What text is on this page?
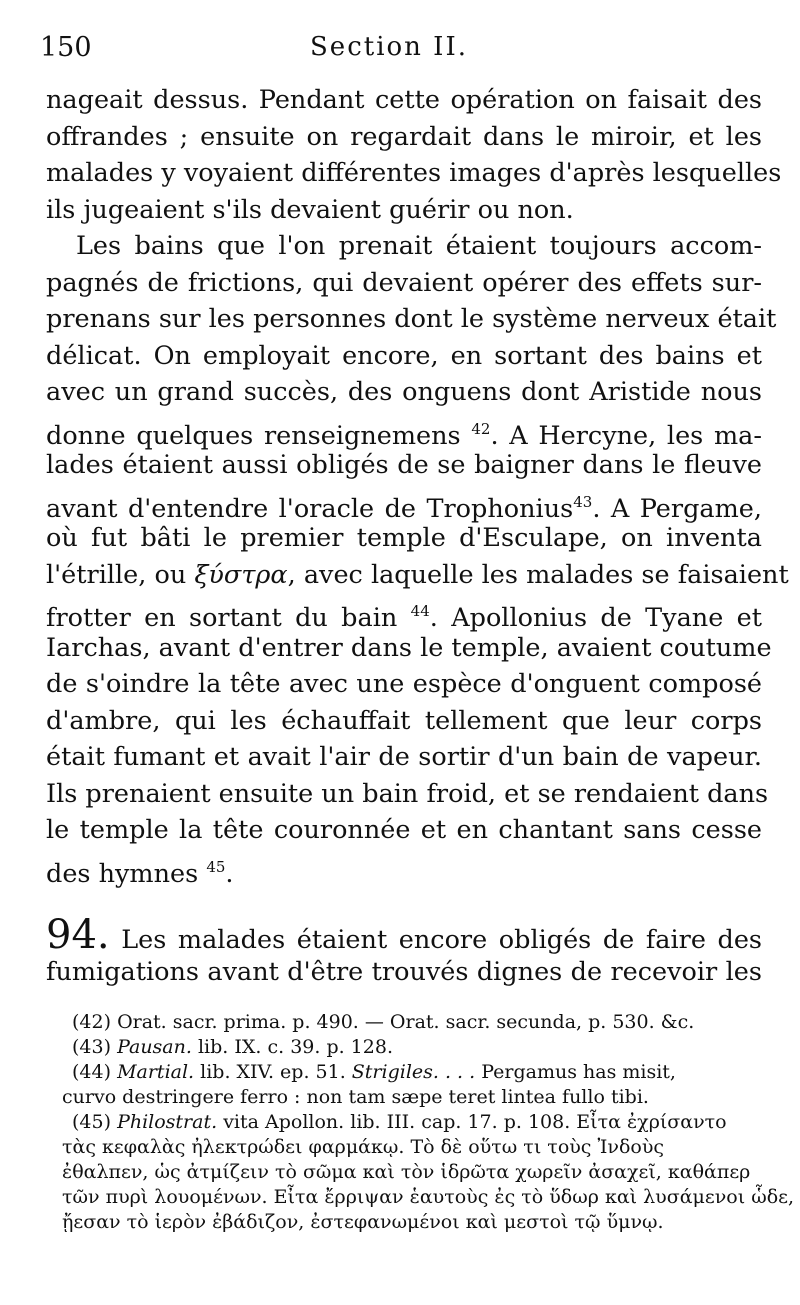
150	Section II.
nageait dessus. Pendant cette opération on faisait des
offrandes ; ensuite on regardait dans le miroir, et les
malades y voyaient différentes images d'après lesquelles
ils jugeaient s'ils devaient guérir ou non.
Les bains que l'on prenait étaient toujours accom-
pagnés de frictions, qui devaient opérer des effets sur-
prenans sur les personnes dont le système nerveux était
délicat. On employait encore, en sortant des bains et
avec un grand succès, des onguens dont Aristide nous
donne quelques renseignemens $^{42}$. A Hercyne, les ma-
lades étaient aussi obligés de se baigner dans le fleuve
avant d'entendre l'oracle de Trophonius$^{43}$. A Pergame,
où fut bâti le premier temple d'Esculape, on inventa
l'étrille, ou ξύστρα, avec laquelle les malades se faisaient
frotter en sortant du bain $^{44}$. Apollonius de Tyane et
Iarchas, avant d'entrer dans le temple, avaient coutume
de s'oindre la tête avec une espèce d'onguent composé
d'ambre, qui les échauffait tellement que leur corps
était fumant et avait l'air de sortir d'un bain de vapeur.
Ils prenaient ensuite un bain froid, et se rendaient dans
le temple la tête couronnée et en chantant sans cesse
des hymnes $^{45}$.
94. Les malades étaient encore obligés de faire des
fumigations avant d'être trouvés dignes de recevoir les
(42) Orat. sacr. prima. p. 490. — Orat. sacr. secunda, p. 530. &c.
(43) Pausan. lib. IX. c. 39. p. 128.
(44) Martial. lib. XIV. ep. 51. Strigiles. . . . Pergamus has misit,
curvo destringere ferro : non tam sæpe teret lintea fullo tibi.
(45) Philostrat. vita Apollon. lib. III. cap. 17. p. 108. Εἶτα ἐχρίσαντο
τὰς κεφαλὰς ἠλεκτρώδει φαρμάκῳ. Τὸ δὲ οὕτω τι τοὺς Ἰνδοὺς
ἐθαλπεν, ὡς ἀτμίζειν τὸ σῶμα καὶ τὸν ἱδρῶτα χωρεῖν ἀσαχεῖ, καθάπερ
τῶν πυρὶ λουομένων. Εἶτα ἔρριψαν ἑαυτοὺς ἐς τὸ ὕδωρ καὶ λυσάμενοι ὧδε,
ᾔεσαν τὸ ἱερὸν ἐβάδιζον, ἐστεφανωμένοι καὶ μεστοὶ τῷ ὕμνῳ.
